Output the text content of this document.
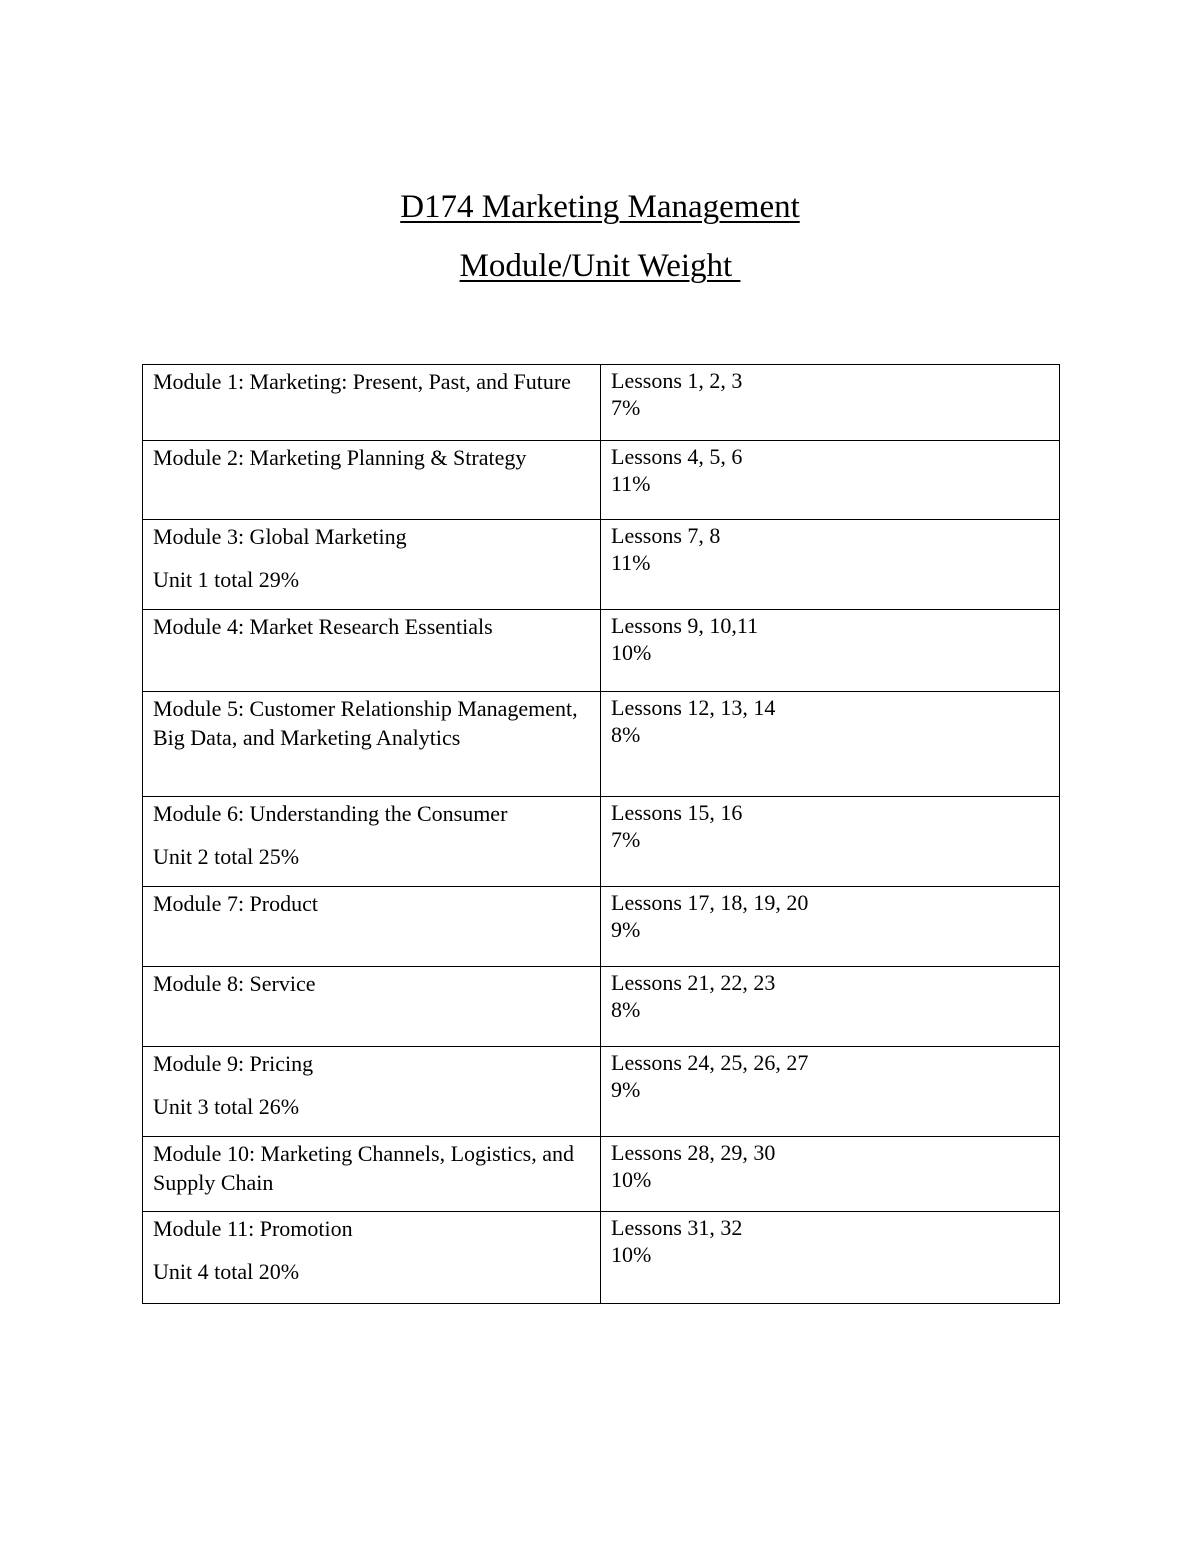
D174 Marketing Management
Module/Unit Weight
Module 1: Marketing: Present, Past, and Future	Lessons 1, 2, 3
7%

Module 2: Marketing Planning & Strategy	Lessons 4, 5, 6
11%

Module 3: Global Marketing
Unit 1 total 29%	Lessons 7, 8
11%

Module 4: Market Research Essentials	Lessons 9, 10,11
10%

Module 5: Customer Relationship Management, Big Data, and Marketing Analytics	Lessons 12, 13, 14
8%

Module 6: Understanding the Consumer
Unit 2 total 25%	Lessons 15, 16
7%

Module 7: Product	Lessons 17, 18, 19, 20
9%

Module 8: Service	Lessons 21, 22, 23
8%

Module 9: Pricing
Unit 3 total 26%	Lessons 24, 25, 26, 27
9%

Module 10: Marketing Channels, Logistics, and Supply Chain	Lessons 28, 29, 30
10%

Module 11: Promotion
Unit 4 total 20%	Lessons 31, 32
10%
